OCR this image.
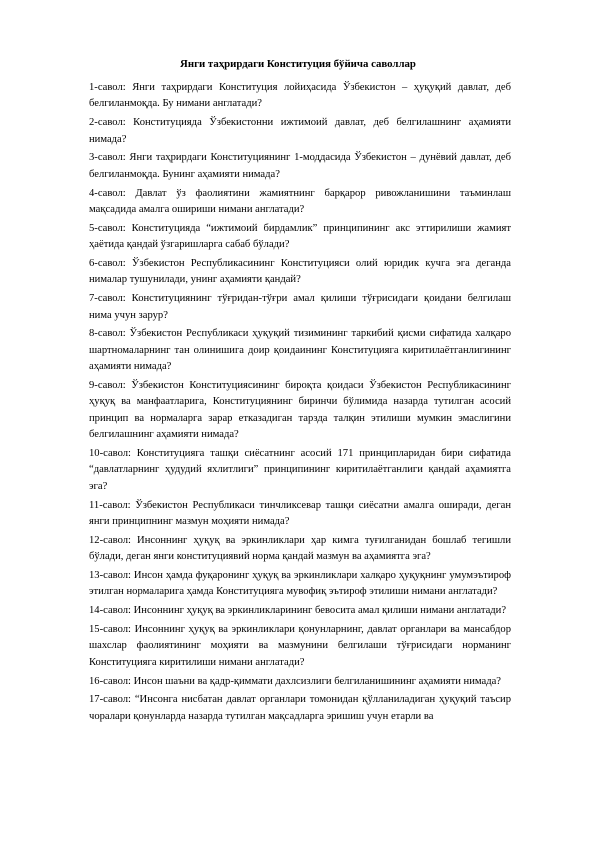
Янги таҳрирдаги Конституция бўйича саволлар

1-савол: Янги таҳрирдаги Конституция лойиҳасида Ўзбекистон – ҳуқуқий давлат, деб белгиланмоқда. Бу нимани англатади?

2-савол: Конституцияда Ўзбекистонни ижтимоий давлат, деб белгилашнинг аҳамияти нимада?

3-савол: Янги таҳрирдаги Конституциянинг 1-моддасида Ўзбекистон – дунёвий давлат, деб белгиланмоқда. Бунинг аҳамияти нимада?

4-савол: Давлат ўз фаолиятини жамиятнинг барқарор ривожланишини таъминлаш мақсадида амалга ошириши нимани англатади?

5-савол: Конституцияда “ижтимоий бирдамлик” принципининг акс эттирилиши жамият ҳаётида қандай ўзгаришларга сабаб бўлади?

6-савол: Ўзбекистон Республикасининг Конституцияси олий юридик кучга эга деганда нималар тушунилади, унинг аҳамияти қандай?

7-савол: Конституциянинг тўғридан-тўғри амал қилиши тўғрисидаги қоидани белгилаш нима учун зарур?

8-савол: Ўзбекистон Республикаси ҳуқуқий тизимининг таркибий қисми сифатида халқаро шартномаларнинг тан олинишига доир қоидаининг Конституцияга киритилаётганлигининг аҳамияти нимада?

9-савол: Ўзбекистон Конституциясининг бироқта қоидаси Ўзбекистон Республикасининг ҳуқуқ ва манфаатларига, Конституциянинг биринчи бўлимида назарда тутилган асосий принцип ва нормаларга зарар етказадиган тарзда талқин этилиши мумкин эмаслигини белгилашнинг аҳамияти нимада?

10-савол: Конституцияга ташқи сиёсатнинг асосий 171 принципларидан бири сифатида “давлатларнинг ҳудудий яхлитлиги” принципининг киритилаётганлиги қандай аҳамиятга эга?

11-савол: Ўзбекистон Республикаси тинчликсевар ташқи сиёсатни амалга оширади, деган янги принципнинг мазмун моҳияти нимада?

12-савол: Инсоннинг ҳуқуқ ва эркинликлари ҳар кимга туғилганидан бошлаб тегишли бўлади, деган янги конституциявий норма қандай мазмун ва аҳамиятга эга?

13-савол: Инсон ҳамда фуқаронинг ҳуқуқ ва эркинликлари халқаро ҳуқуқнинг умумэътироф этилган нормаларига ҳамда Конституцияга мувофиқ эътироф этилиши нимани англатади?

14-савол: Инсоннинг ҳуқуқ ва эркинликларининг бевосита амал қилиши нимани англатади?

15-савол: Инсоннинг ҳуқуқ ва эркинликлари қонунларнинг, давлат органлари ва мансабдор шахслар фаолиятининг моҳияти ва мазмунини белгилаши тўғрисидаги норманинг Конституцияга киритилиши нимани англатади?

16-савол: Инсон шаъни ва қадр-қиммати дахлсизлиги белгиланишининг аҳамияти нимада?

17-савол: “Инсонга нисбатан давлат органлари томонидан қўлланиладиган ҳуқуқий таъсир чоралари қонунларда назарда тутилган мақсадларга эришиш учун етарли ва
